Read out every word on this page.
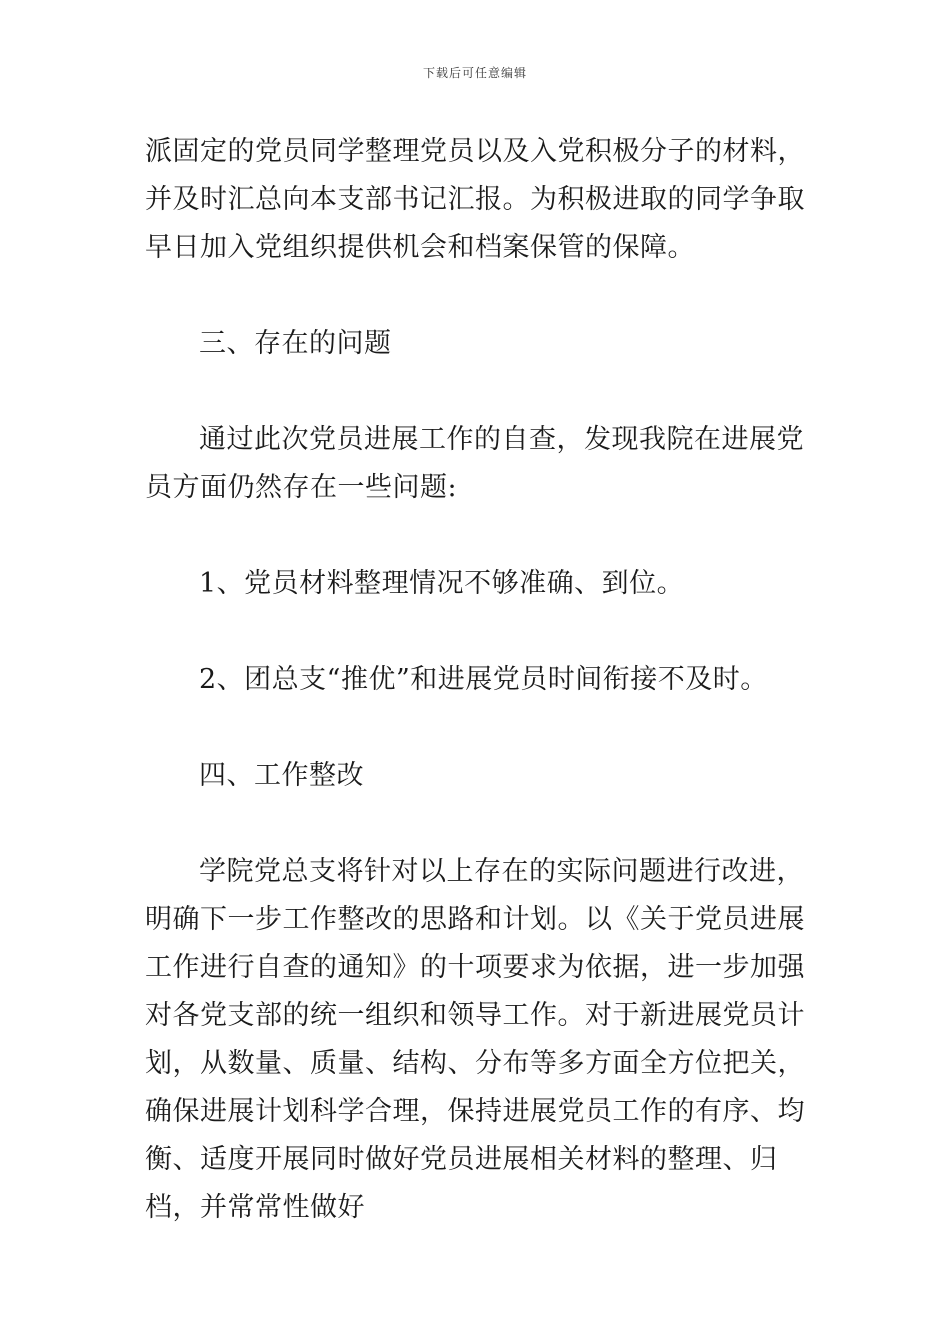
下载后可任意编辑

派固定的党员同学整理党员以及入党积极分子的材料，并及时汇总向本支部书记汇报。为积极进取的同学争取早日加入党组织提供机会和档案保管的保障。

三、存在的问题

通过此次党员进展工作的自查，发现我院在进展党员方面仍然存在一些问题:

1、党员材料整理情况不够准确、到位。

2、团总支“推优”和进展党员时间衔接不及时。

四、工作整改

学院党总支将针对以上存在的实际问题进行改进，明确下一步工作整改的思路和计划。以《关于党员进展工作进行自查的通知》的十项要求为依据，进一步加强对各党支部的统一组织和领导工作。对于新进展党员计划，从数量、质量、结构、分布等多方面全方位把关，确保进展计划科学合理，保持进展党员工作的有序、均衡、适度开展同时做好党员进展相关材料的整理、归档，并常常性做好
